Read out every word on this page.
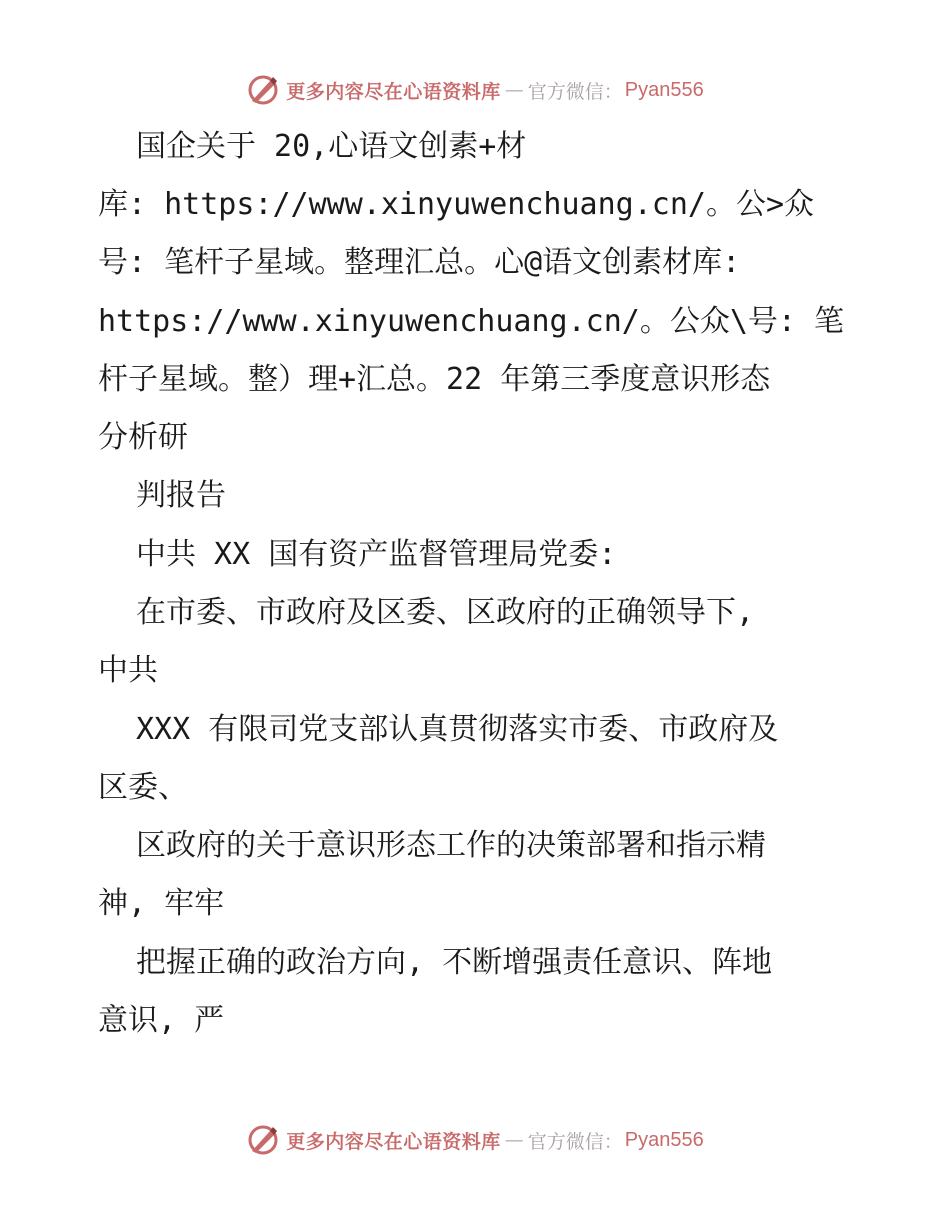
更多内容尽在心语资料库 — 官方微信： Pyan556
国企关于 20,心语文创素+材
库: https://www.xinyuwenchuang.cn/。公>众
号: 笔杆子星域。整理汇总。心@语文创素材库:
https://www.xinyuwenchuang.cn/。公众\号: 笔
杆子星域。整）理+汇总。22 年第三季度意识形态
分析研
判报告
中共 XX 国有资产监督管理局党委:
在市委、市政府及区委、区政府的正确领导下,
中共
XXX 有限司党支部认真贯彻落实市委、市政府及
区委、
区政府的关于意识形态工作的决策部署和指示精
神, 牢牢
把握正确的政治方向, 不断增强责任意识、阵地
意识, 严
更多内容尽在心语资料库 — 官方微信： Pyan556
